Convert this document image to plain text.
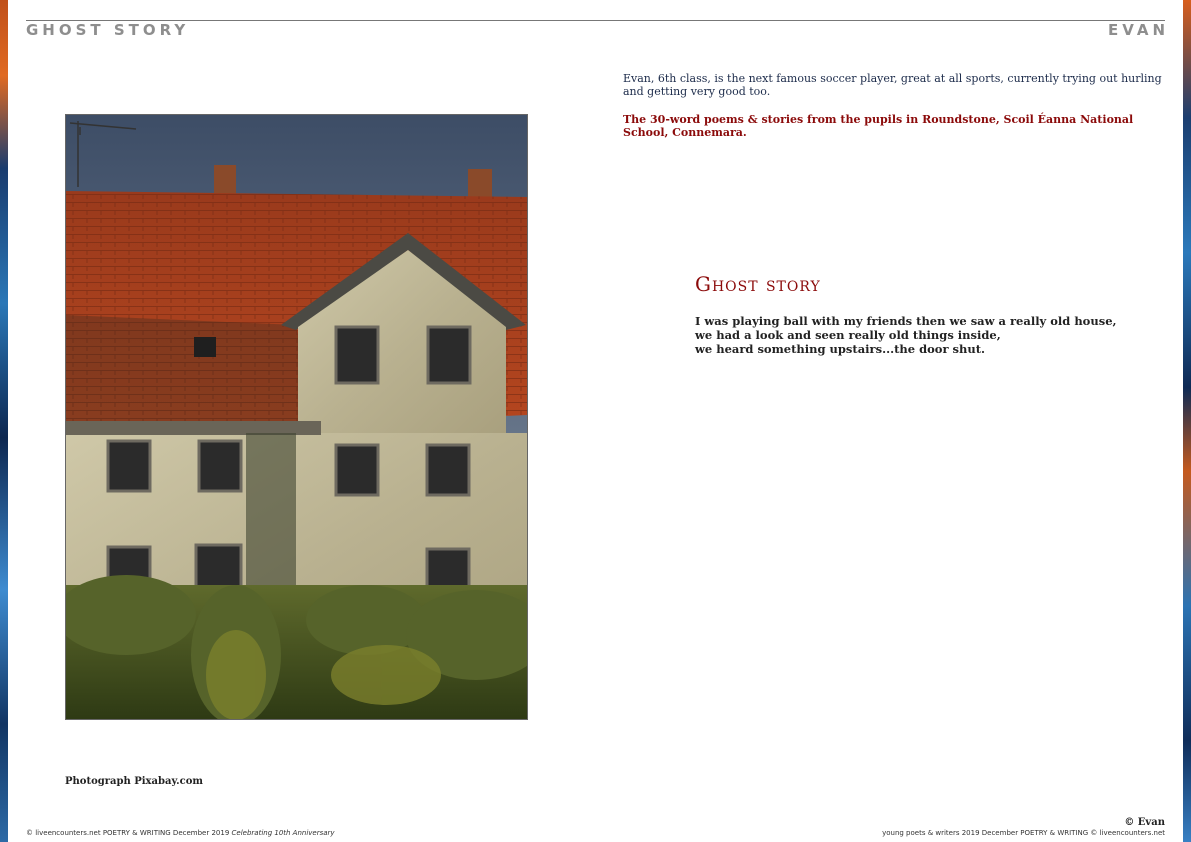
GHOST STORY	EVAN
Photograph Pixabay.com
Evan, 6th class, is the next famous soccer player, great at all sports, currently trying out hurling and getting very good too.
The 30-word poems & stories from the pupils in Roundstone, Scoil Éanna National School, Connemara.
Ghost story
I was playing ball with my friends then we saw a really old house,
we had a look and seen really old things inside,
we heard something upstairs...the door shut.
© Evan
© liveencounters.net POETRY & WRITING December 2019 Celebrating 10th Anniversary	young poets & writers 2019 December POETRY & WRITING © liveencounters.net
